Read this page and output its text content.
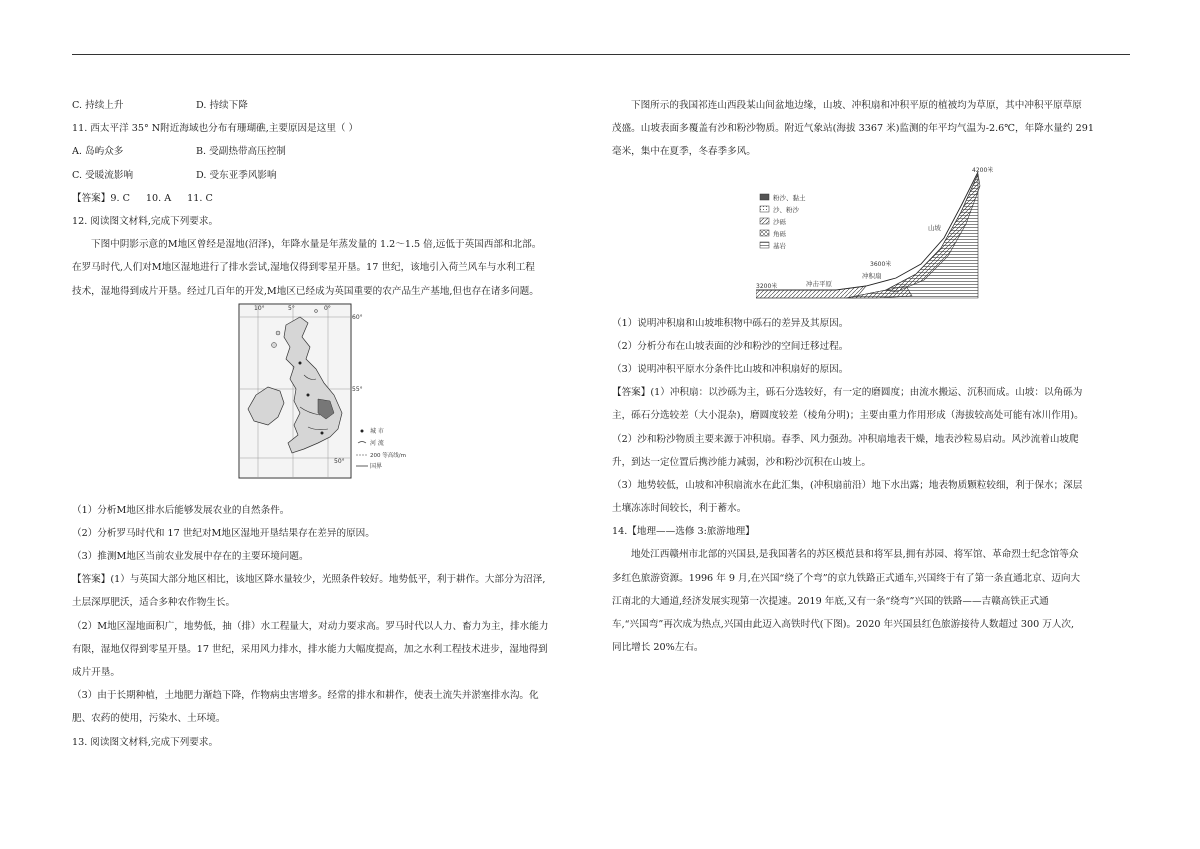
C. 持续上升	D. 持续下降
11. 西太平洋 35° N附近海域也分布有珊瑚礁,主要原因是这里（ ）
A. 岛屿众多	B. 受副热带高压控制
C. 受暖流影响	D. 受东亚季风影响
【答案】9. C 10. A 11. C
12. 阅读图文材料,完成下列要求。
下图中阴影示意的M地区曾经是湿地(沼泽)，年降水量是年蒸发量的 1.2～1.5 倍,远低于英国西部和北部。
在罗马时代,人们对M地区湿地进行了排水尝试,湿地仅得到零星开垦。17 世纪，该地引入荷兰风车与水利工程
技术，湿地得到成片开垦。经过几百年的开发,M地区已经成为英国重要的农产品生产基地,但也存在诸多问题。
10°	5°	0°
60°
55°
50°
城 市
河 流
200 等高线/m
国界
（1）分析M地区排水后能够发展农业的自然条件。
（2）分析罗马时代和 17 世纪对M地区湿地开垦结果存在差异的原因。
（3）推测M地区当前农业发展中存在的主要环境问题。
【答案】(1）与英国大部分地区相比，该地区降水量较少，光照条件较好。地势低平，利于耕作。大部分为沼泽,
土层深厚肥沃，适合多种农作物生长。
（2）M地区湿地面积广，地势低，抽（排）水工程量大，对动力要求高。罗马时代以人力、畜力为主，排水能力
有限，湿地仅得到零星开垦。17 世纪，采用风力排水，排水能力大幅度提高，加之水利工程技术进步，湿地得到
成片开垦。
（3）由于长期种植，土地肥力渐趋下降，作物病虫害增多。经常的排水和耕作，使表土流失并淤塞排水沟。化
肥、农药的使用，污染水、土环境。
13. 阅读图文材料,完成下列要求。
下图所示的我国祁连山西段某山间盆地边缘，山坡、冲积扇和冲积平原的植被均为草原，其中冲积平原草原
茂盛。山坡表面多覆盖有沙和粉沙物质。附近气象站(海拔 3367 米)监测的年平均气温为-2.6℃，年降水量约 291
毫米，集中在夏季，冬春季多风。
粉沙、黏土
沙、粉沙
沙砾
角砾
基岩
4200米
3600米
3200米
山坡
冲积扇
冲击平原
（1）说明冲积扇和山坡堆积物中砾石的差异及其原因。
（2）分析分布在山坡表面的沙和粉沙的空间迁移过程。
（3）说明冲积平原水分条件比山坡和冲积扇好的原因。
【答案】(1）冲积扇：以沙砾为主，砾石分选较好，有一定的磨圆度；由流水搬运、沉积而成。山坡：以角砾为
主，砾石分选较差（大小混杂)，磨圆度较差（棱角分明)；主要由重力作用形成（海拔较高处可能有冰川作用)。
（2）沙和粉沙物质主要来源于冲积扇。春季、风力强劲。冲积扇地表干燥，地表沙粒易启动。风沙流着山坡爬
升，到达一定位置后携沙能力减弱，沙和粉沙沉积在山坡上。
（3）地势较低，山坡和冲积扇流水在此汇集，(冲积扇前沿）地下水出露；地表物质颗粒较细，利于保水；深层
土壤冻冻时间较长，利于蓄水。
14.【地理——选修 3:旅游地理】
地处江西赣州市北部的兴国县,是我国著名的苏区模范县和将军县,拥有苏园、将军馆、革命烈士纪念馆等众
多红色旅游资源。1996 年 9 月,在兴国“绕了个弯”的京九铁路正式通车,兴国终于有了第一条直通北京、迈向大
江南北的大通道,经济发展实现第一次提速。2019 年底,又有一条“绕弯”兴国的铁路——吉赣高铁正式通
车,“兴国弯”再次成为热点,兴国由此迈入高铁时代(下图)。2020 年兴国县红色旅游接待人数超过 300 万人次,
同比增长 20%左右。
